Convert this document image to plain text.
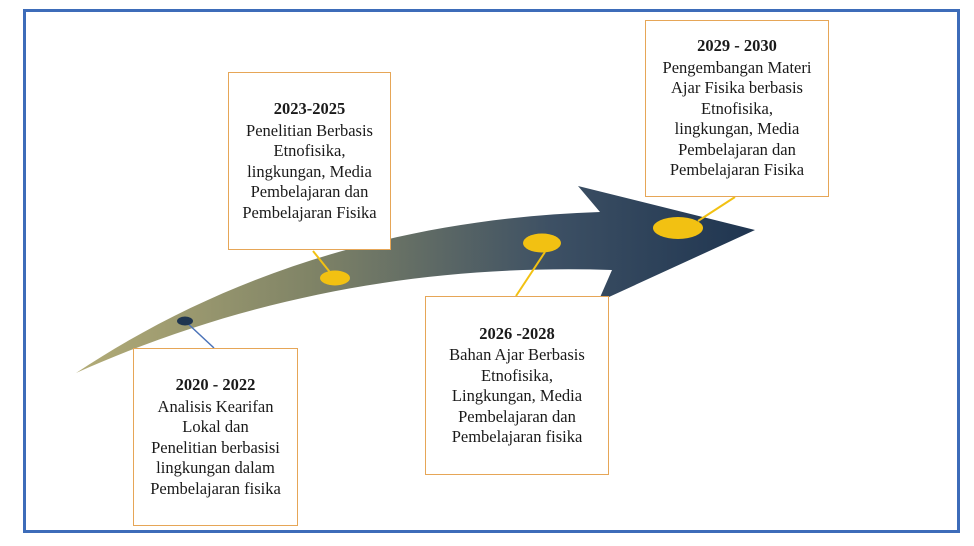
2023-2025
Penelitian Berbasis
Etnofisika,
lingkungan, Media
Pembelajaran dan
Pembelajaran Fisika
2020 - 2022
Analisis Kearifan
Lokal dan
Penelitian berbasisi
lingkungan dalam
Pembelajaran fisika
2026 -2028
Bahan Ajar Berbasis
Etnofisika,
Lingkungan, Media
Pembelajaran dan
Pembelajaran fisika
2029 - 2030
Pengembangan Materi
Ajar Fisika berbasis
Etnofisika,
lingkungan, Media
Pembelajaran dan
Pembelajaran Fisika
